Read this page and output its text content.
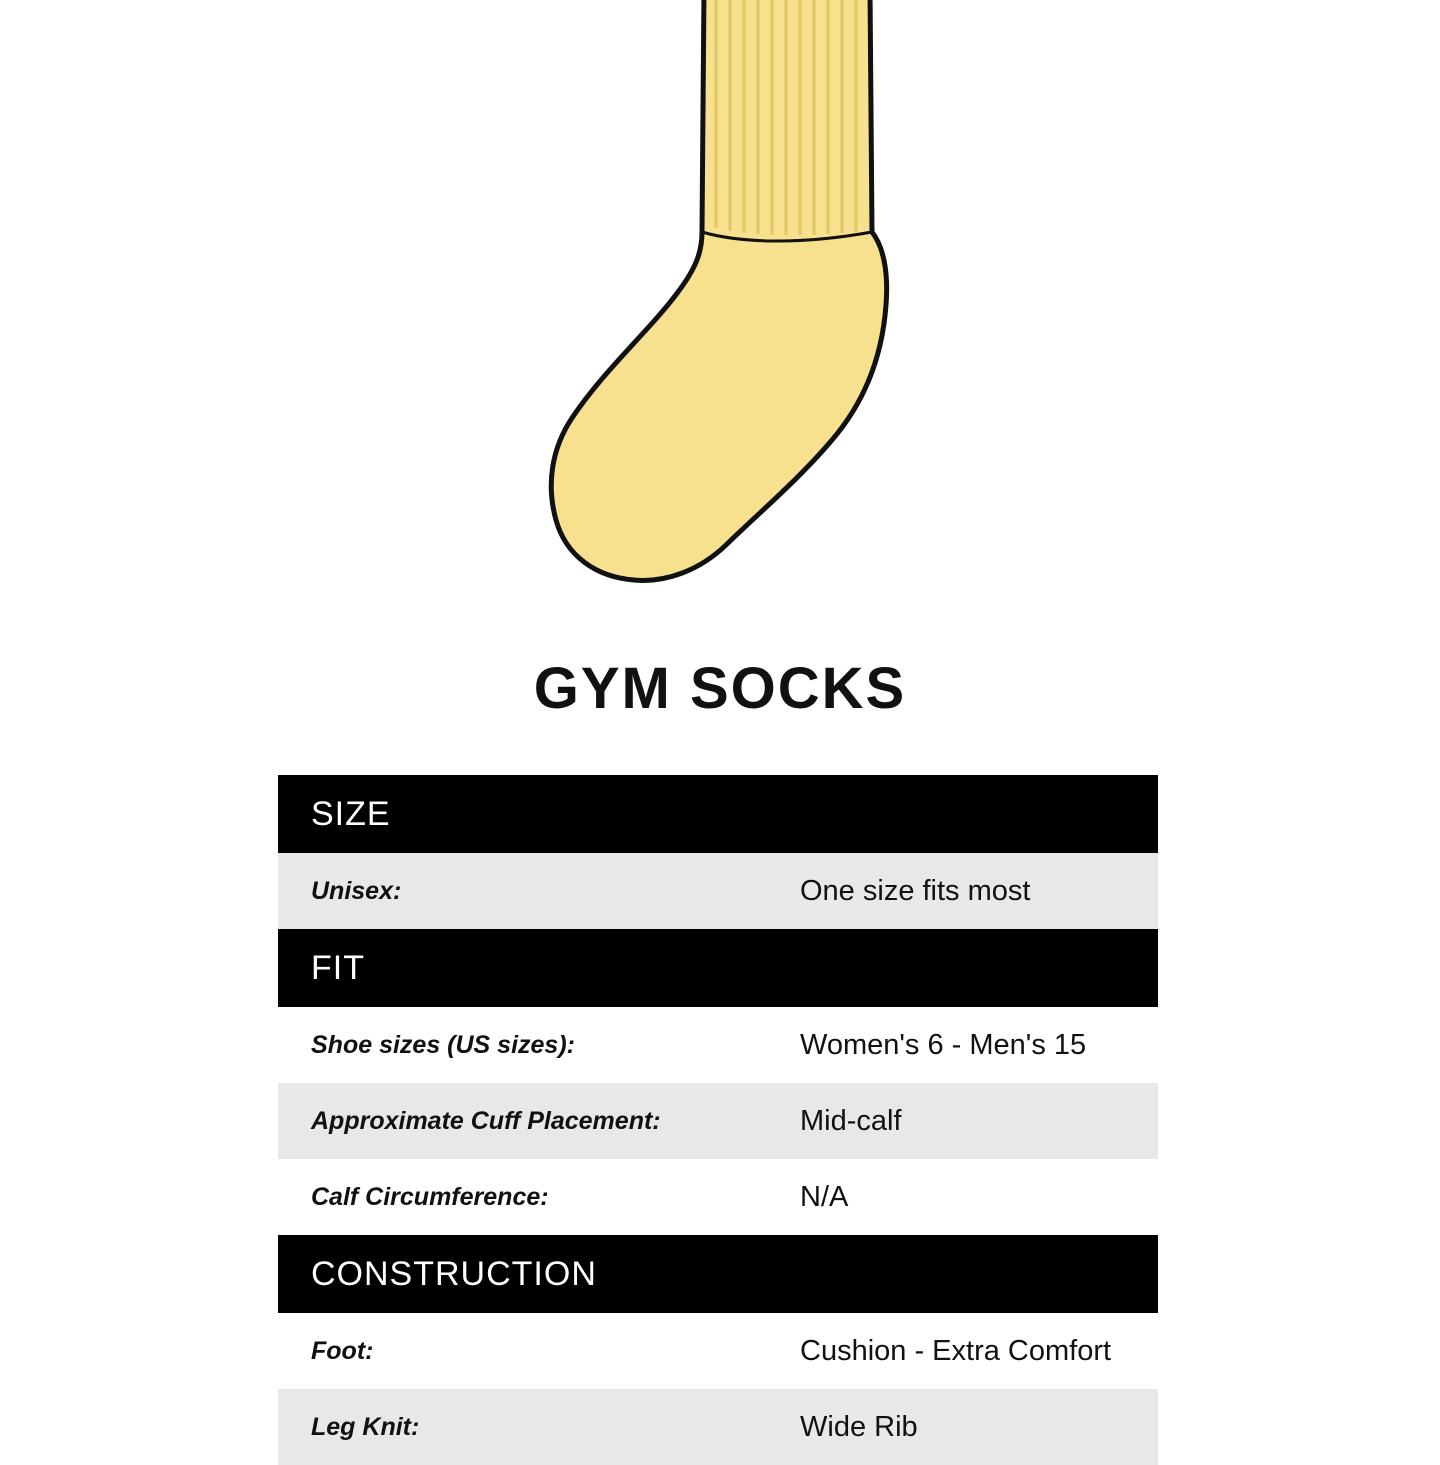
GYM SOCKS
SIZE	
Unisex:	One size fits most
FIT	
Shoe sizes (US sizes):	Women's 6 - Men's 15
Approximate Cuff Placement:	Mid-calf
Calf Circumference:	N/A
CONSTRUCTION	
Foot:	Cushion - Extra Comfort
Leg Knit:	Wide Rib
